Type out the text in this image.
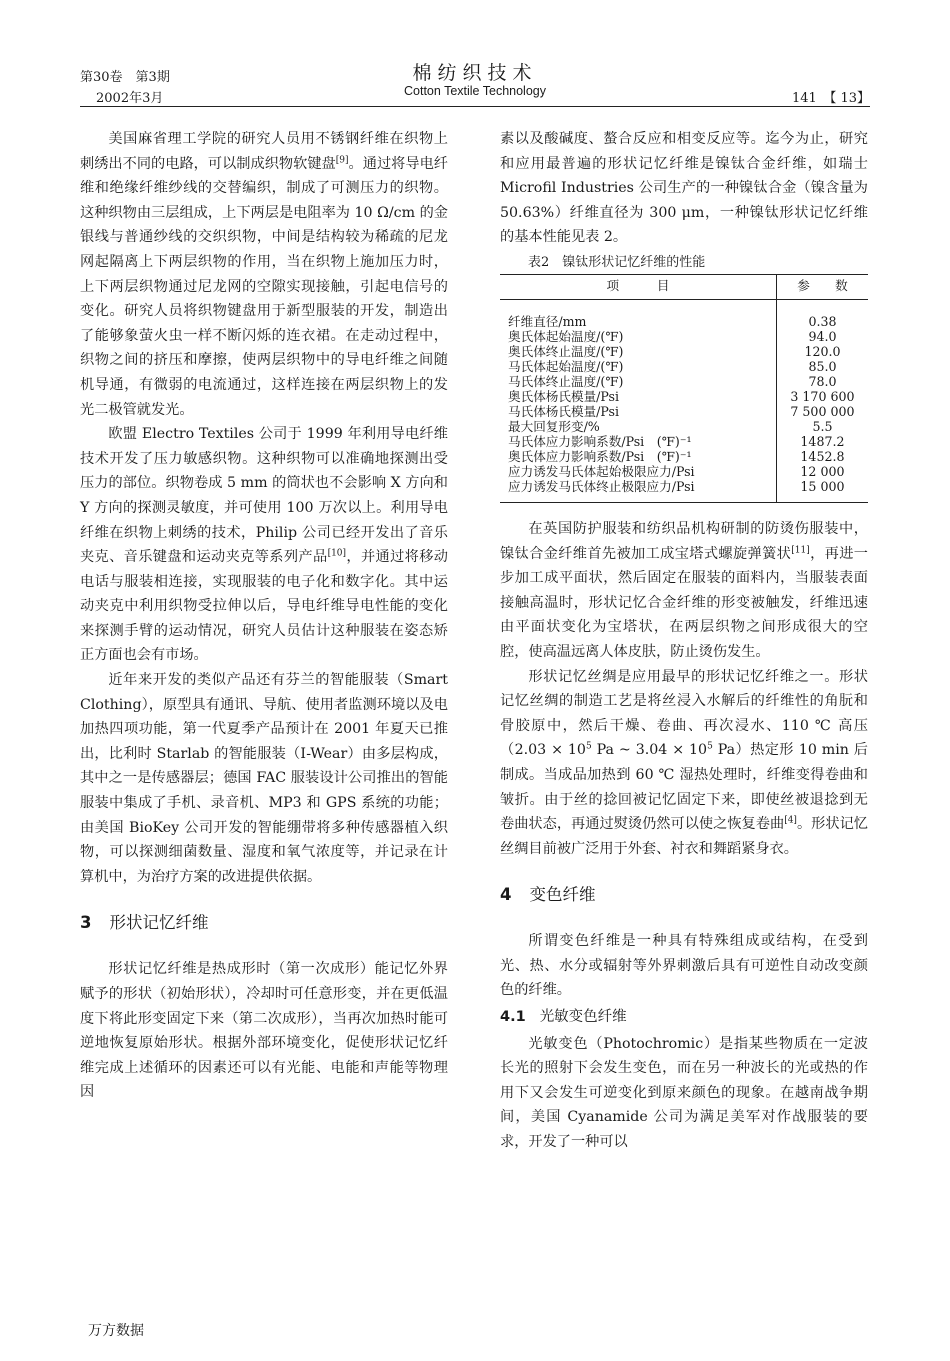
第30卷　第3期
2002年3月
棉纺织技术
Cotton Textile Technology	141　【 13】

美国麻省理工学院的研究人员用不锈钢纤维在织物上刺绣出不同的电路，可以制成织物软键盘[9]。通过将导电纤维和绝缘纤维纱线的交替编织，制成了可测压力的织物。这种织物由三层组成，上下两层是电阻率为 10 Ω/cm 的金银线与普通纱线的交织织物，中间是结构较为稀疏的尼龙网起隔离上下两层织物的作用，当在织物上施加压力时，上下两层织物通过尼龙网的空隙实现接触，引起电信号的变化。研究人员将织物键盘用于新型服装的开发，制造出了能够象萤火虫一样不断闪烁的连衣裙。在走动过程中，织物之间的挤压和摩擦，使两层织物中的导电纤维之间随机导通，有微弱的电流通过，这样连接在两层织物上的发光二极管就发光。

欧盟 Electro Textiles 公司于 1999 年利用导电纤维技术开发了压力敏感织物。这种织物可以准确地探测出受压力的部位。织物卷成 5 mm 的筒状也不会影响 X 方向和 Y 方向的探测灵敏度，并可使用 100 万次以上。利用导电纤维在织物上刺绣的技术，Philip 公司已经开发出了音乐夹克、音乐键盘和运动夹克等系列产品[10]，并通过将移动电话与服装相连接，实现服装的电子化和数字化。其中运动夹克中利用织物受拉伸以后，导电纤维导电性能的变化来探测手臂的运动情况，研究人员估计这种服装在姿态矫正方面也会有市场。

近年来开发的类似产品还有芬兰的智能服装（Smart Clothing），原型具有通讯、导航、使用者监测环境以及电加热四项功能，第一代夏季产品预计在 2001 年夏天已推出，比利时 Starlab 的智能服装（Ⅰ-Wear）由多层构成，其中之一是传感器层；德国 FAC 服装设计公司推出的智能服装中集成了手机、录音机、MP3 和 GPS 系统的功能；由美国 BioKey 公司开发的智能绷带将多种传感器植入织物，可以探测细菌数量、湿度和氧气浓度等，并记录在计算机中，为治疗方案的改进提供依据。

3 形状记忆纤维

形状记忆纤维是热成形时（第一次成形）能记忆外界赋予的形状（初始形状），冷却时可任意形变，并在更低温度下将此形变固定下来（第二次成形），当再次加热时能可逆地恢复原始形状。根据外部环境变化，促使形状记忆纤维完成上述循环的因素还可以有光能、电能和声能等物理因

素以及酸碱度、螯合反应和相变反应等。迄今为止，研究和应用最普遍的形状记忆纤维是镍钛合金纤维，如瑞士 Microfil Industries 公司生产的一种镍钛合金（镍含量为 50.63%）纤维直径为 300 μm，一种镍钛形状记忆纤维的基本性能见表 2。

表2　镍钛形状记忆纤维的性能
项　　　目	参　　数
纤维直径/mm	0.38
奥氏体起始温度/(℉)	94.0
奥氏体终止温度/(℉)	120.0
马氏体起始温度/(℉)	85.0
马氏体终止温度/(℉)	78.0
奥氏体杨氏模量/Psi	3 170 600
马氏体杨氏模量/Psi	7 500 000
最大回复形变/%	5.5
马氏体应力影响系数/Psi　(℉)⁻¹	1487.2
奥氏体应力影响系数/Psi　(℉)⁻¹	1452.8
应力诱发马氏体起始极限应力/Psi	12 000
应力诱发马氏体终止极限应力/Psi	15 000

在英国防护服装和纺织品机构研制的防烫伤服装中，镍钛合金纤维首先被加工成宝塔式螺旋弹簧状[11]，再进一步加工成平面状，然后固定在服装的面料内，当服装表面接触高温时，形状记忆合金纤维的形变被触发，纤维迅速由平面状变化为宝塔状，在两层织物之间形成很大的空腔，使高温远离人体皮肤，防止烫伤发生。

形状记忆丝绸是应用最早的形状记忆纤维之一。形状记忆丝绸的制造工艺是将丝浸入水解后的纤维性的角朊和骨胶原中，然后干燥、卷曲、再次浸水、110 ℃ 高压（$2.03 \times 10^5$ Pa ~ $3.04 \times 10^5$ Pa）热定形 10 min 后制成。当成品加热到 60 ℃ 湿热处理时，纤维变得卷曲和皱折。由于丝的捻回被记忆固定下来，即使丝被退捻到无卷曲状态，再通过熨烫仍然可以使之恢复卷曲[4]。形状记忆丝绸目前被广泛用于外套、衬衣和舞蹈紧身衣。

4 变色纤维

所谓变色纤维是一种具有特殊组成或结构，在受到光、热、水分或辐射等外界刺激后具有可逆性自动改变颜色的纤维。

4.1 光敏变色纤维

光敏变色（Photochromic）是指某些物质在一定波长光的照射下会发生变色，而在另一种波长的光或热的作用下又会发生可逆变化到原来颜色的现象。在越南战争期间，美国 Cyanamide 公司为满足美军对作战服装的要求，开发了一种可以

万方数据
